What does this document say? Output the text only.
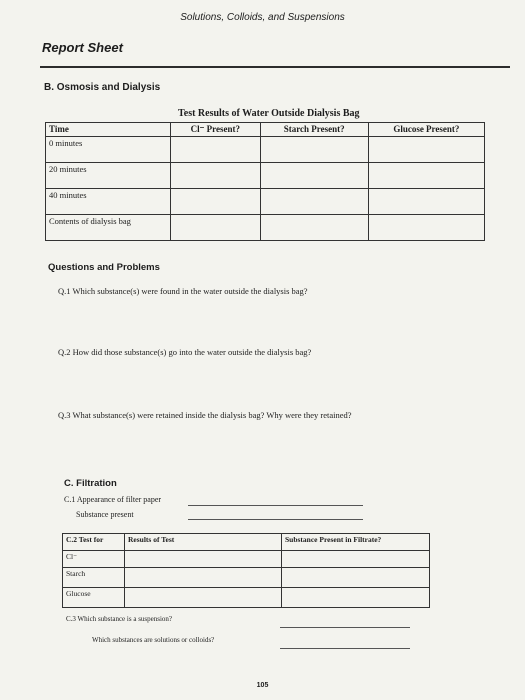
Solutions, Colloids, and Suspensions
Report Sheet
B. Osmosis and Dialysis
Test Results of Water Outside Dialysis Bag
Time	Cl⁻ Present?	Starch Present?	Glucose Present?
0 minutes			
20 minutes			
40 minutes			
Contents of dialysis bag			
Questions and Problems
Q.1 Which substance(s) were found in the water outside the dialysis bag?
Q.2 How did those substance(s) go into the water outside the dialysis bag?
Q.3 What substance(s) were retained inside the dialysis bag? Why were they retained?
C. Filtration
C.1 Appearance of filter paper
Substance present
C.2 Test for	Results of Test	Substance Present in Filtrate?
Cl⁻		
Starch		
Glucose		
C.3 Which substance is a suspension?
Which substances are solutions or colloids?
105
